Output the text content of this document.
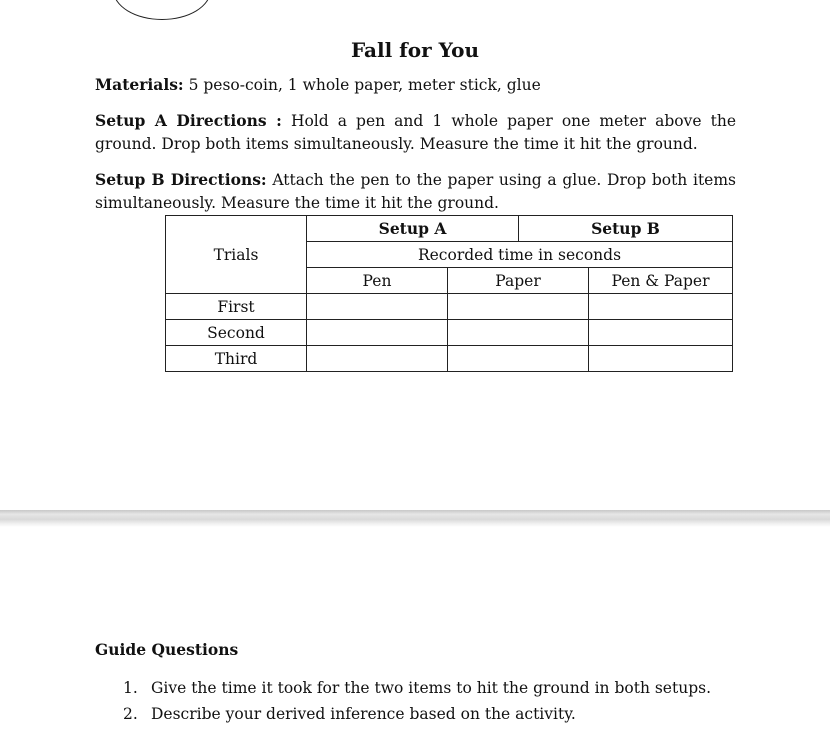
Fall for You

Materials: 5 peso-coin, 1 whole paper, meter stick, glue

Setup A Directions : Hold a pen and 1 whole paper one meter above the ground. Drop both items simultaneously. Measure the time it hit the ground.

Setup B Directions: Attach the pen to the paper using a glue. Drop both items simultaneously. Measure the time it hit the ground.

Trials	Setup A		Setup B	
	Recorded time in seconds			
	Pen	Paper		Pen & Paper
First				
Second				
Third				
Guide Questions
1. Give the time it took for the two items to hit the ground in both setups.
2. Describe your derived inference based on the activity.
